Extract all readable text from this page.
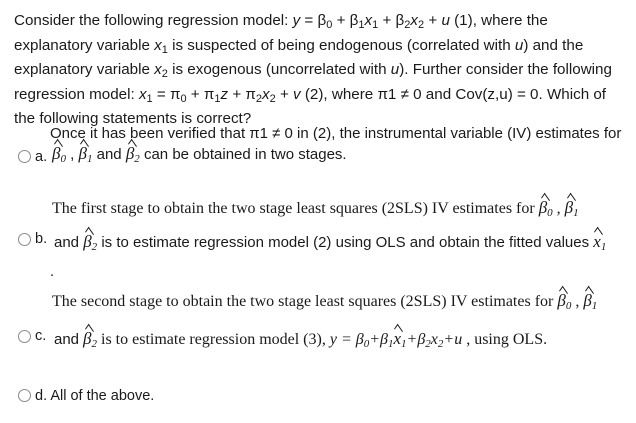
Consider the following regression model: $y = \beta_0 + \beta_1x_1 + \beta_2x_2 + u$ (1), where the explanatory variable $x_1$ is suspected of being endogenous (correlated with u) and the explanatory variable $x_2$ is exogenous (uncorrelated with u). Further consider the following regression model: $x_1 = \pi_0 + \pi_1z + \pi_2x_2 + v$ (2), where π1 ≠ 0 and Cov(z,u) = 0. Which of the following statements is correct?

Once it has been verified that π1 ≠ 0 in (2), the instrumental variable (IV) estimates for
a. $\beta_0$ , $\beta_1$ and $\beta_2$ can be obtained in two stages.
The first stage to obtain the two stage least squares (2SLS) IV estimates for $\beta_0$ , $\beta_1$
b. and $\beta_2$ is to estimate regression model (2) using OLS and obtain the fitted values $x_1$
.
The second stage to obtain the two stage least squares (2SLS) IV estimates for $\beta_0$ , $\beta_1$
c. and $\beta_2$ is to estimate regression model (3), $y = \beta_0+\beta_1x_1+\beta_2x_2+u$ , using OLS.
d. All of the above.
